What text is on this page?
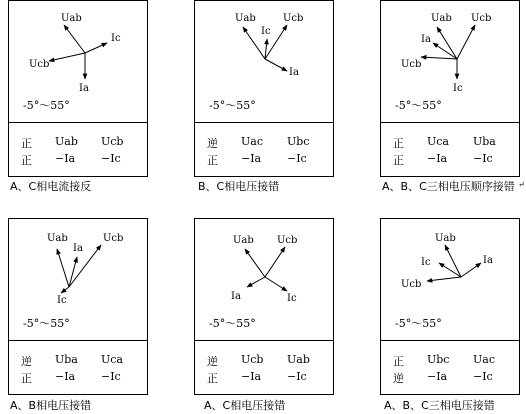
Uab
Ic
Ucb
Ia
-5°～55°
正 Uab Ucb
正 −Ia −Ic
A、C相电流接反
Uab	Ucb
Ic
Ia
-5°～55°
逆 Uac Ubc
正 −Ia −Ic
B、C相电压接错
Uab Ucb
Ia
Ucb
Ic
-5°～55°
正 Uca Uba
正 −Ia −Ic
A、B、C三相电压顺序接错 ↵
Uab
Ia
Ucb
Ic
-5°～55°
逆 Uba Uca
正 −Ia −Ic
A、B相电压接错
Uab Ucb
Ia	Ic
-5°～55°
逆 Ucb Uab
正 −Ia −Ic
A、C相电压接错
Uab
Ic	Ia
Ucb
-5°～55°
正 Ubc Uac
逆 −Ia −Ic
A、B、C三相电压接错
